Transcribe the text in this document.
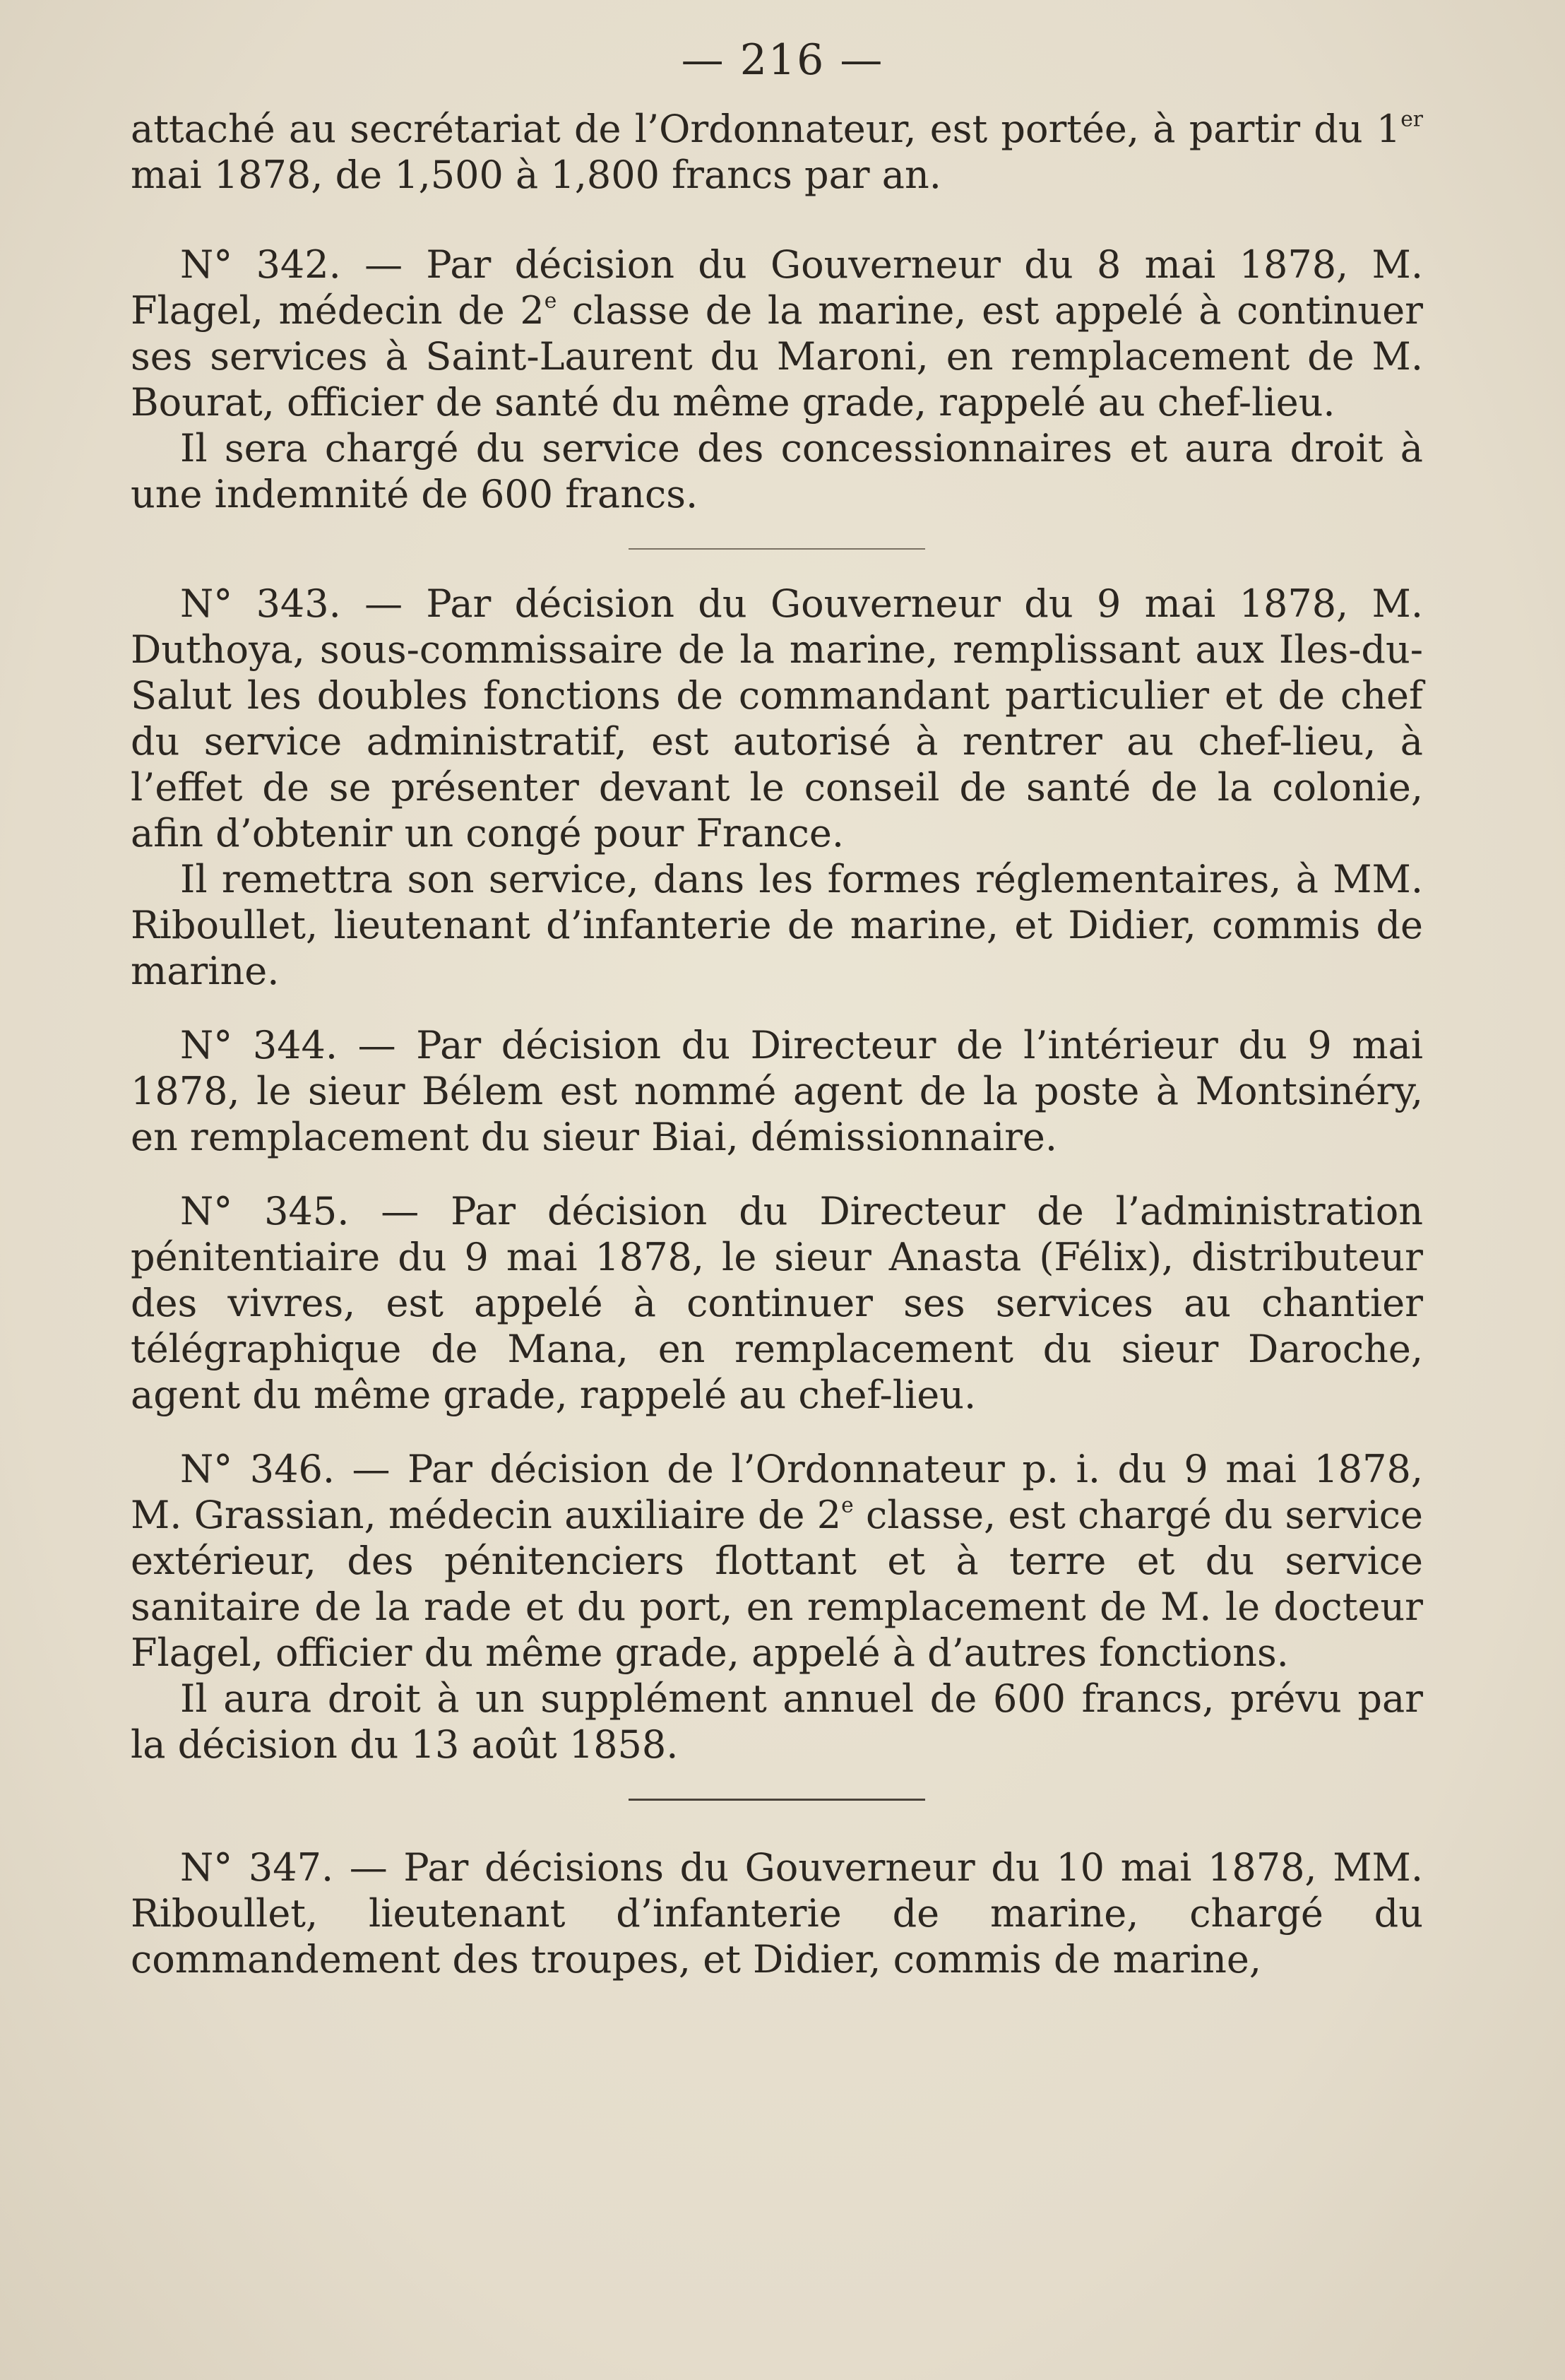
— 216 —

attaché au secrétariat de l’Ordonnateur, est portée, à partir du 1er mai 1878, de 1,500 à 1,800 francs par an.

N° 342. — Par décision du Gouverneur du 8 mai 1878, M. Flagel, médecin de 2e classe de la marine, est appelé à continuer ses services à Saint-Laurent du Maroni, en remplacement de M. Bourat, officier de santé du même grade, rappelé au chef-lieu.

Il sera chargé du service des concessionnaires et aura droit à une indemnité de 600 francs.

N° 343. — Par décision du Gouverneur du 9 mai 1878, M. Duthoya, sous-commissaire de la marine, remplissant aux Iles-du-Salut les doubles fonctions de commandant particulier et de chef du service administratif, est autorisé à rentrer au chef-lieu, à l’effet de se présenter devant le conseil de santé de la colonie, afin d’obtenir un congé pour France.

Il remettra son service, dans les formes réglementaires, à MM. Riboullet, lieutenant d’infanterie de marine, et Didier, commis de marine.

N° 344. — Par décision du Directeur de l’intérieur du 9 mai 1878, le sieur Bélem est nommé agent de la poste à Montsinéry, en remplacement du sieur Biai, démissionnaire.

N° 345. — Par décision du Directeur de l’administration pénitentiaire du 9 mai 1878, le sieur Anasta (Félix), distributeur des vivres, est appelé à continuer ses services au chantier télégraphique de Mana, en remplacement du sieur Daroche, agent du même grade, rappelé au chef-lieu.

N° 346. — Par décision de l’Ordonnateur p. i. du 9 mai 1878, M. Grassian, médecin auxiliaire de 2e classe, est chargé du service extérieur, des pénitenciers flottant et à terre et du service sanitaire de la rade et du port, en remplacement de M. le docteur Flagel, officier du même grade, appelé à d’autres fonctions.

Il aura droit à un supplément annuel de 600 francs, prévu par la décision du 13 août 1858.

N° 347. — Par décisions du Gouverneur du 10 mai 1878, MM. Riboullet, lieutenant d’infanterie de marine, chargé du commandement des troupes, et Didier, commis de marine,
